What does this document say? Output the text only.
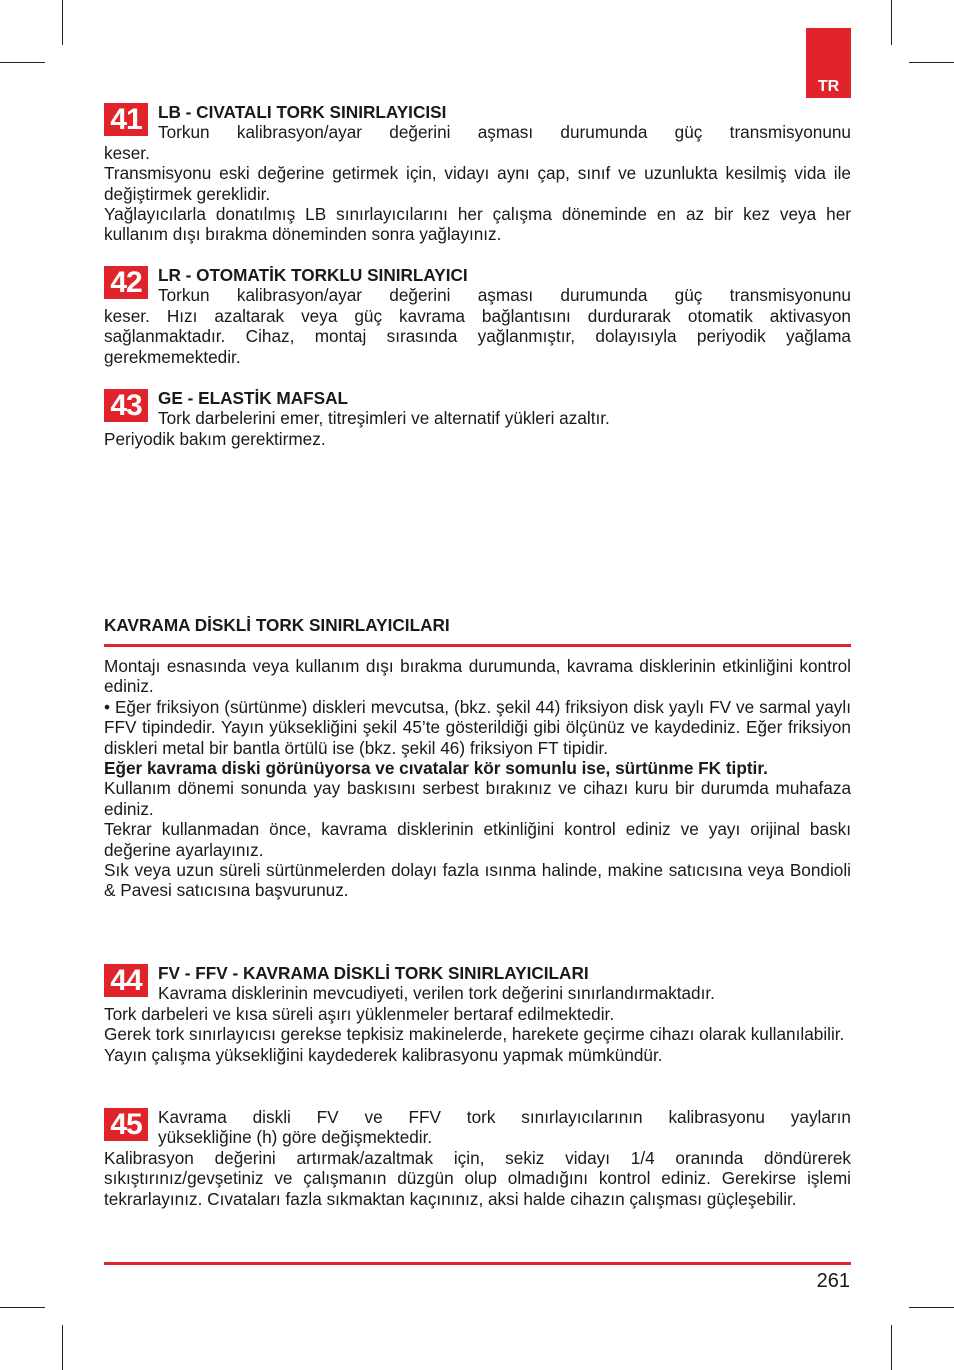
TR
41 LB - CIVATALI TORK SINIRLAYICISI

Torkun kalibrasyon/ayar değerini aşması durumunda güç transmisyonunu

keser.

Transmisyonu eski değerine getirmek için, vidayı aynı çap, sınıf ve uzunlukta kesilmiş vida ile değiştirmek gereklidir.

Yağlayıcılarla donatılmış LB sınırlayıcılarını her çalışma döneminde en az bir kez veya her kullanım dışı bırakma döneminden sonra yağlayınız.

42 LR - OTOMATİK TORKLU SINIRLAYICI

Torkun kalibrasyon/ayar değerini aşması durumunda güç transmisyonunu

keser. Hızı azaltarak veya güç kavrama bağlantısını durdurarak otomatik aktivasyon sağlanmaktadır. Cihaz, montaj sırasında yağlanmıştır, dolayısıyla periyodik yağlama gerekmemektedir.

43 GE - ELASTİK MAFSAL

Tork darbelerini emer, titreşimleri ve alternatif yükleri azaltır.

Periyodik bakım gerektirmez.

KAVRAMA DİSKLİ TORK SINIRLAYICILARI

Montajı esnasında veya kullanım dışı bırakma durumunda, kavrama disklerinin etkinliğini kontrol ediniz.

• Eğer friksiyon (sürtünme) diskleri mevcutsa, (bkz. şekil 44) friksiyon disk yaylı FV ve sarmal yaylı FFV tipindedir. Yayın yüksekliğini şekil 45’te gösterildiği gibi ölçünüz ve kaydediniz. Eğer friksiyon diskleri metal bir bantla örtülü ise (bkz. şekil 46) friksiyon FT tipidir.

Eğer kavrama diski görünüyorsa ve cıvatalar kör somunlu ise, sürtünme FK tiptir.

Kullanım dönemi sonunda yay baskısını serbest bırakınız ve cihazı kuru bir durumda muhafaza ediniz.

Tekrar kullanmadan önce, kavrama disklerinin etkinliğini kontrol ediniz ve yayı orijinal baskı değerine ayarlayınız.

Sık veya uzun süreli sürtünmelerden dolayı fazla ısınma halinde, makine satıcısına veya Bondioli & Pavesi satıcısına başvurunuz.

44 FV - FFV - KAVRAMA DİSKLİ TORK SINIRLAYICILARI

Kavrama disklerinin mevcudiyeti, verilen tork değerini sınırlandırmaktadır.

Tork darbeleri ve kısa süreli aşırı yüklenmeler bertaraf edilmektedir.

Gerek tork sınırlayıcısı gerekse tepkisiz makinelerde, harekete geçirme cihazı olarak kullanılabilir.

Yayın çalışma yüksekliğini kaydederek kalibrasyonu yapmak mümkündür.

45 Kavrama diskli FV ve FFV tork sınırlayıcılarının kalibrasyonu yayların

yüksekliğine (h) göre değişmektedir.

Kalibrasyon değerini artırmak/azaltmak için, sekiz vidayı 1/4 oranında döndürerek sıkıştırınız/gevşetiniz ve çalışmanın düzgün olup olmadığını kontrol ediniz. Gerekirse işlemi tekrarlayınız. Cıvataları fazla sıkmaktan kaçınınız, aksi halde cihazın çalışması güçleşebilir.

261
